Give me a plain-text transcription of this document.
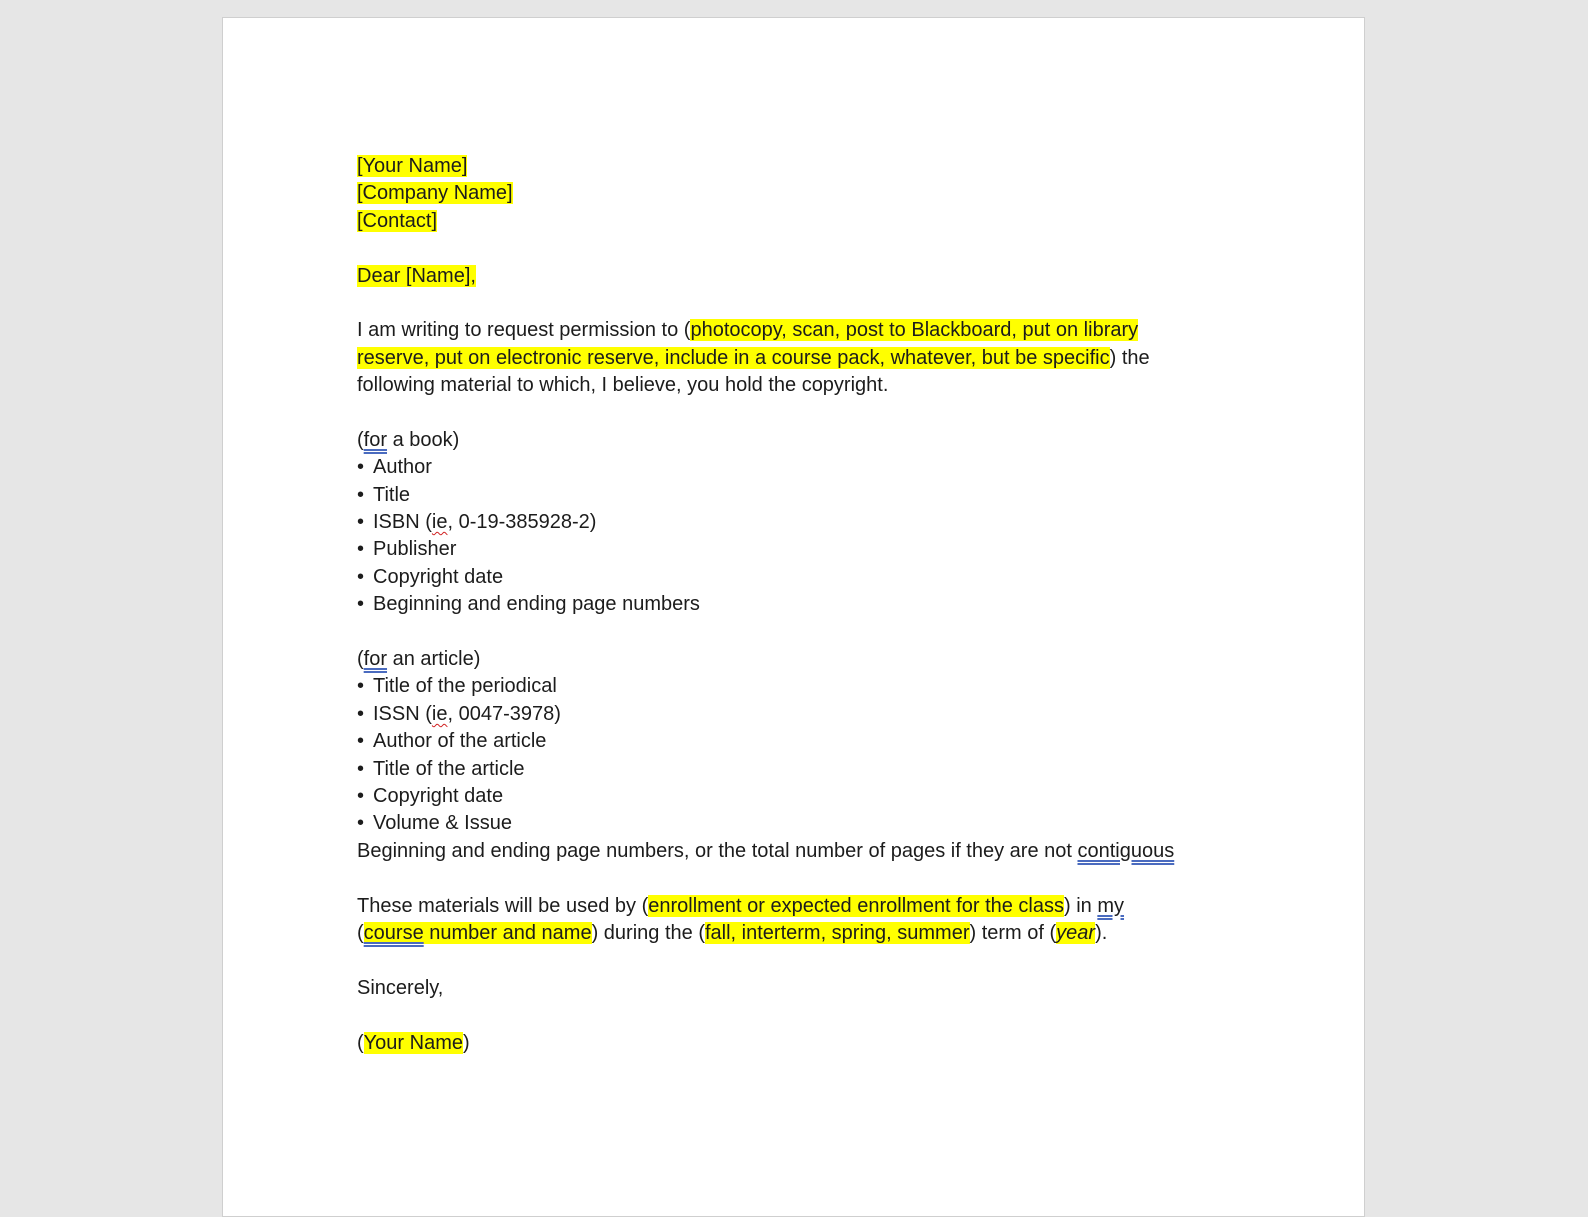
[Your Name]
[Company Name]
[Contact]
Dear [Name],
I am writing to request permission to (photocopy, scan, post to Blackboard, put on library
reserve, put on electronic reserve, include in a course pack, whatever, but be specific) the
following material to which, I believe, you hold the copyright.
(for a book)
• Author
• Title
• ISBN (ie, 0-19-385928-2)
• Publisher
• Copyright date
• Beginning and ending page numbers
(for an article)
• Title of the periodical
• ISSN (ie, 0047-3978)
• Author of the article
• Title of the article
• Copyright date
• Volume & Issue
Beginning and ending page numbers, or the total number of pages if they are not contiguous
These materials will be used by (enrollment or expected enrollment for the class) in my
(course number and name) during the (fall, interterm, spring, summer) term of (year).
Sincerely,
(Your Name)
